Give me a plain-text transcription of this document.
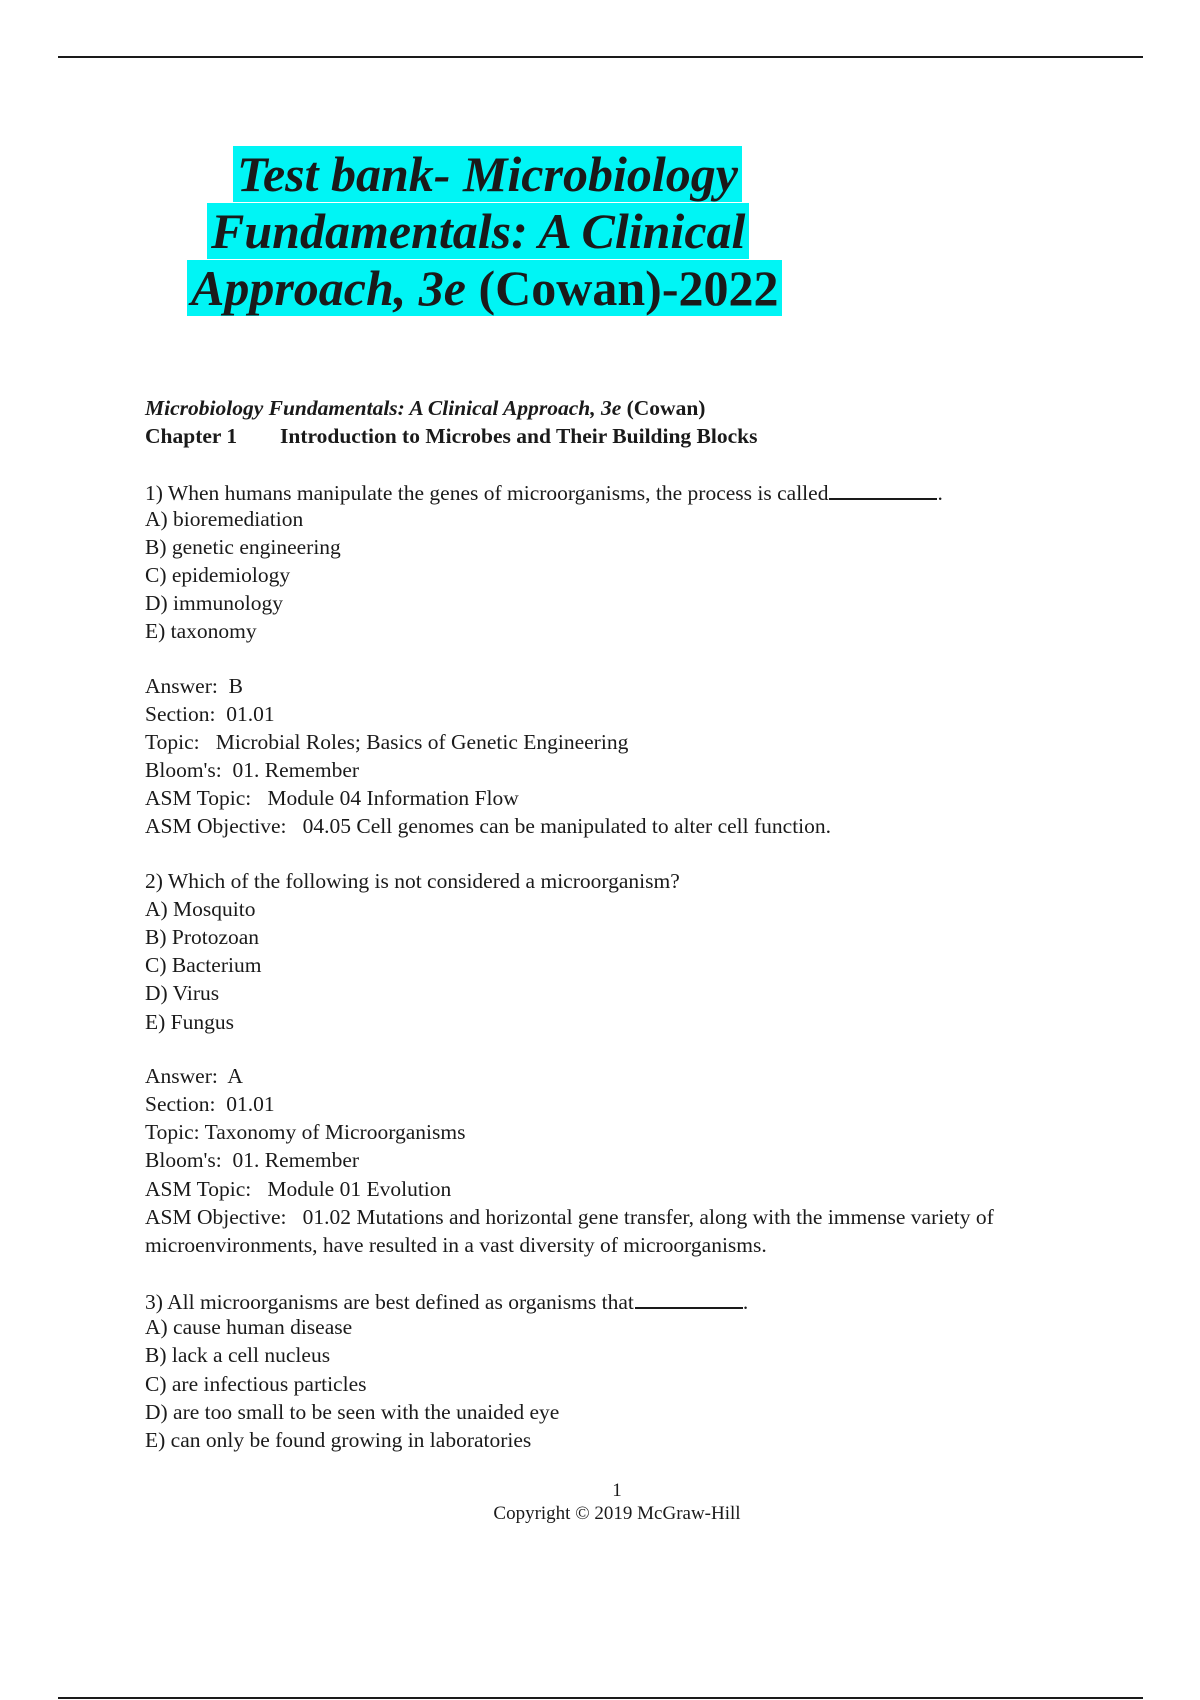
Test bank- Microbiology
Fundamentals: A Clinical
Approach, 3e (Cowan)-2022
Microbiology Fundamentals: A Clinical Approach, 3e (Cowan)
Chapter 1 Introduction to Microbes and Their Building Blocks
1) When humans manipulate the genes of microorganisms, the process is called	.
A) bioremediation
B) genetic engineering
C) epidemiology
D) immunology
E) taxonomy
Answer:  B
Section:  01.01
Topic:   Microbial Roles; Basics of Genetic Engineering
Bloom's:  01. Remember
ASM Topic:   Module 04 Information Flow
ASM Objective:   04.05 Cell genomes can be manipulated to alter cell function.
2) Which of the following is not considered a microorganism?
A) Mosquito
B) Protozoan
C) Bacterium
D) Virus
E) Fungus
Answer:  A
Section:  01.01
Topic: Taxonomy of Microorganisms
Bloom's:  01. Remember
ASM Topic:   Module 01 Evolution
ASM Objective:   01.02 Mutations and horizontal gene transfer, along with the immense variety of
microenvironments, have resulted in a vast diversity of microorganisms.
3) All microorganisms are best defined as organisms that	.
A) cause human disease
B) lack a cell nucleus
C) are infectious particles
D) are too small to be seen with the unaided eye
E) can only be found growing in laboratories
1
Copyright © 2019 McGraw-Hill
